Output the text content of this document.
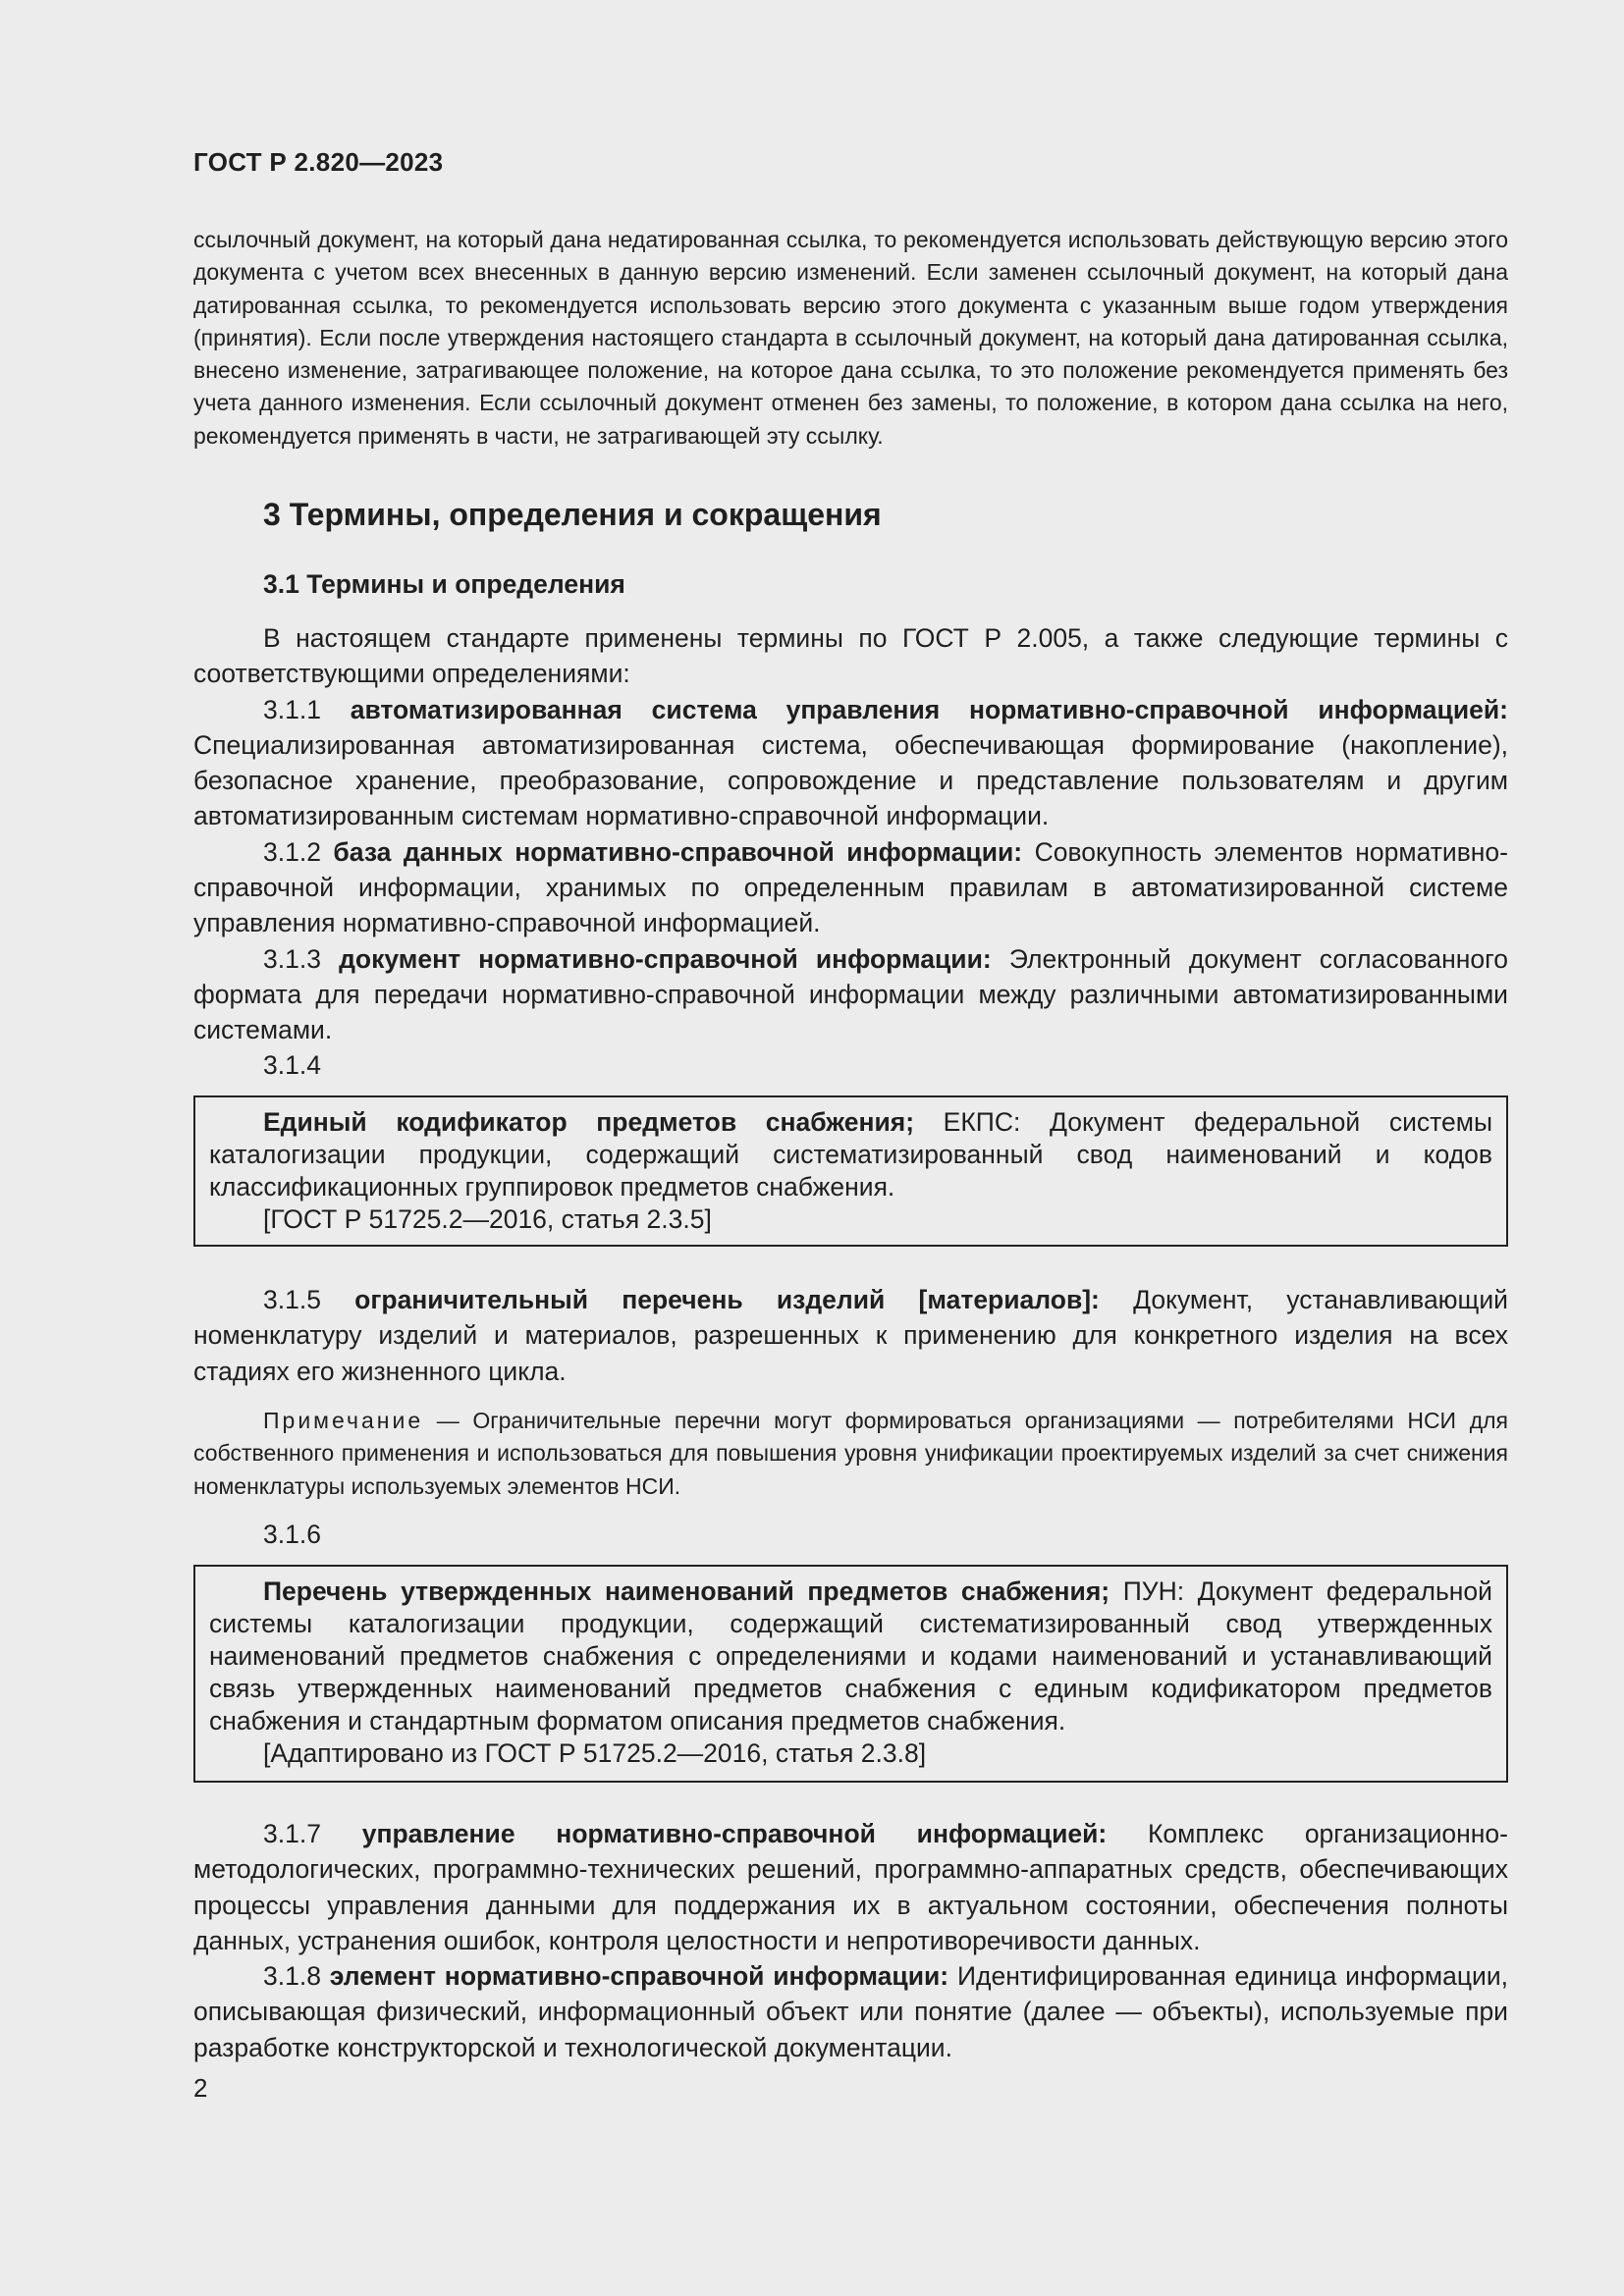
ГОСТ Р 2.820—2023

ссылочный документ, на который дана недатированная ссылка, то рекомендуется использовать действующую версию этого документа с учетом всех внесенных в данную версию изменений. Если заменен ссылочный документ, на который дана датированная ссылка, то рекомендуется использовать версию этого документа с указанным выше годом утверждения (принятия). Если после утверждения настоящего стандарта в ссылочный документ, на который дана датированная ссылка, внесено изменение, затрагивающее положение, на которое дана ссылка, то это положение рекомендуется применять без учета данного изменения. Если ссылочный документ отменен без замены, то положение, в котором дана ссылка на него, рекомендуется применять в части, не затрагивающей эту ссылку.

3 Термины, определения и сокращения
3.1 Термины и определения

В настоящем стандарте применены термины по ГОСТ Р 2.005, а также следующие термины с соответствующими определениями:

3.1.1 автоматизированная система управления нормативно-справочной информацией: Специализированная автоматизированная система, обеспечивающая формирование (накопление), безопасное хранение, преобразование, сопровождение и представление пользователям и другим автоматизированным системам нормативно-справочной информации.

3.1.2 база данных нормативно-справочной информации: Совокупность элементов нормативно-справочной информации, хранимых по определенным правилам в автоматизированной системе управления нормативно-справочной информацией.

3.1.3 документ нормативно-справочной информации: Электронный документ согласованного формата для передачи нормативно-справочной информации между различными автоматизированными системами.

3.1.4

Единый кодификатор предметов снабжения; ЕКПС: Документ федеральной системы каталогизации продукции, содержащий систематизированный свод наименований и кодов классификационных группировок предметов снабжения.

[ГОСТ Р 51725.2—2016, статья 2.3.5]

3.1.5 ограничительный перечень изделий [материалов]: Документ, устанавливающий номенклатуру изделий и материалов, разрешенных к применению для конкретного изделия на всех стадиях его жизненного цикла.

Примечание — Ограничительные перечни могут формироваться организациями — потребителями НСИ для собственного применения и использоваться для повышения уровня унификации проектируемых изделий за счет снижения номенклатуры используемых элементов НСИ.

3.1.6

Перечень утвержденных наименований предметов снабжения; ПУН: Документ федеральной системы каталогизации продукции, содержащий систематизированный свод утвержденных наименований предметов снабжения с определениями и кодами наименований и устанавливающий связь утвержденных наименований предметов снабжения с единым кодификатором предметов снабжения и стандартным форматом описания предметов снабжения.

[Адаптировано из ГОСТ Р 51725.2—2016, статья 2.3.8]

3.1.7 управление нормативно-справочной информацией: Комплекс организационно-методологических, программно-технических решений, программно-аппаратных средств, обеспечивающих процессы управления данными для поддержания их в актуальном состоянии, обеспечения полноты данных, устранения ошибок, контроля целостности и непротиворечивости данных.

3.1.8 элемент нормативно-справочной информации: Идентифицированная единица информации, описывающая физический, информационный объект или понятие (далее — объекты), используемые при разработке конструкторской и технологической документации.

2
